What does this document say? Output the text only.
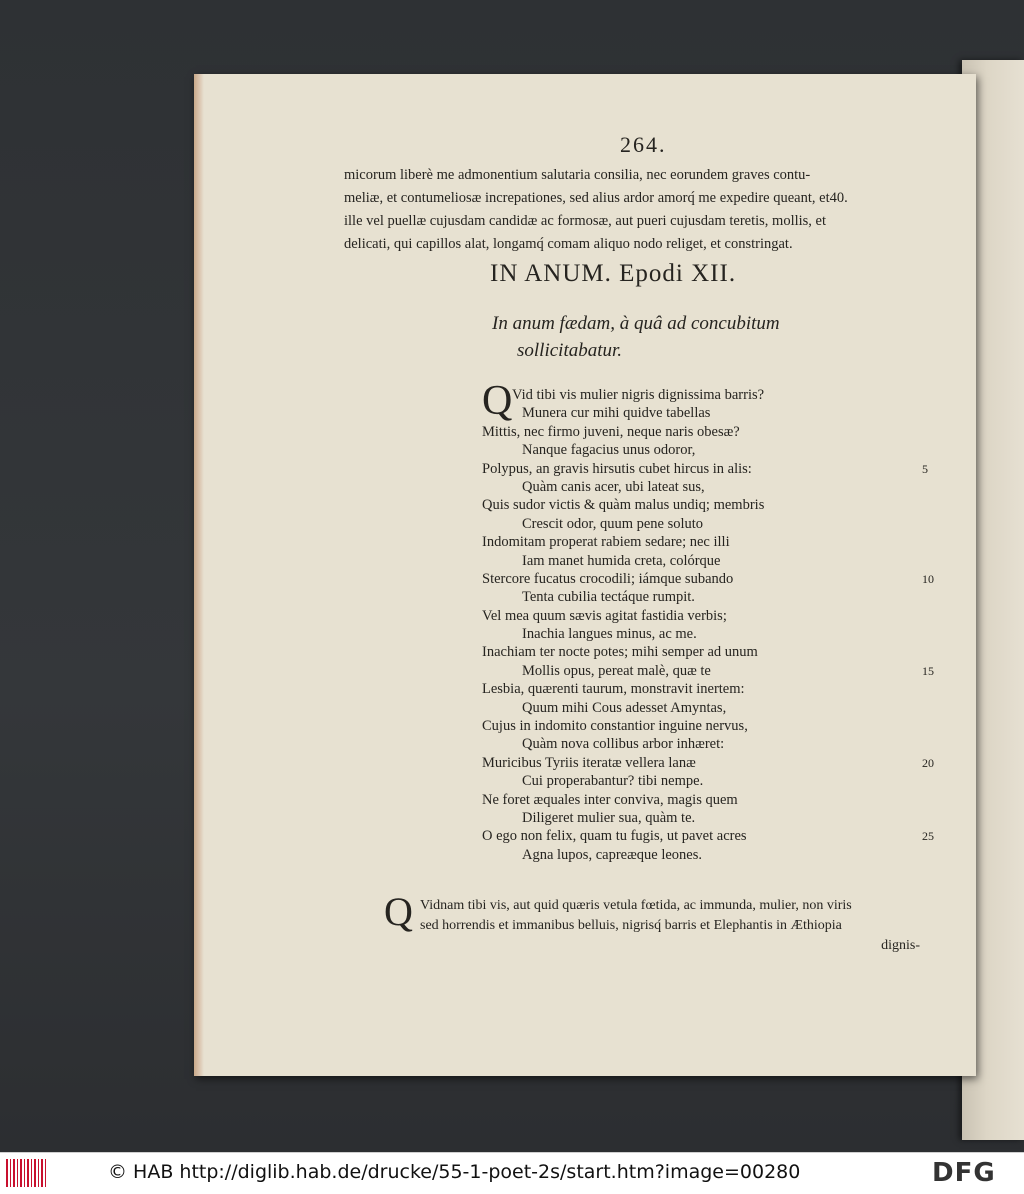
264.
micorum liberè me admonentium salutaria consilia, nec eorundem graves contu-
meliæ, et contumeliosæ increpationes, sed alius ardor amorq́ me expedire queant, et40.
ille vel puellæ cujusdam candidæ ac formosæ, aut pueri cujusdam teretis, mollis, et
delicati, qui capillos alat, longamq́ comam aliquo nodo religet, et constringat.
IN ANUM. Epodi XII.
In anum fædam, à quâ ad concubitum
sollicitabatur.
Q Vid tibi vis mulier nigris dignissima barris?
Munera cur mihi quidve tabellas
Mittis, nec firmo juveni, neque naris obesæ?
Nanque fagacius unus odoror,
Polypus, an gravis hirsutis cubet hircus in alis:	5
Quàm canis acer, ubi lateat sus,
Quis sudor victis & quàm malus undiq; membris
Crescit odor, quum pene soluto
Indomitam properat rabiem sedare; nec illi
Iam manet humida creta, colórque
Stercore fucatus crocodili; iámque subando	10
Tenta cubilia tectáque rumpit.
Vel mea quum sævis agitat fastidia verbis;
Inachia langues minus, ac me.
Inachiam ter nocte potes; mihi semper ad unum
Mollis opus, pereat malè, quæ te	15
Lesbia, quærenti taurum, monstravit inertem:
Quum mihi Cous adesset Amyntas,
Cujus in indomito constantior inguine nervus,
Quàm nova collibus arbor inhæret:
Muricibus Tyriis iteratæ vellera lanæ	20
Cui properabantur? tibi nempe.
Ne foret æquales inter conviva, magis quem
Diligeret mulier sua, quàm te.
O ego non felix, quam tu fugis, ut pavet acres	25
Agna lupos, capreæque leones.
Q Vidnam tibi vis, aut quid quæris vetula fœtida, ac immunda, mulier, non viris
sed horrendis et immanibus belluis, nigrisq́ barris et Elephantis in Æthiopia
dignis-
© HAB http://diglib.hab.de/drucke/55-1-poet-2s/start.htm?image=00280	DFG
